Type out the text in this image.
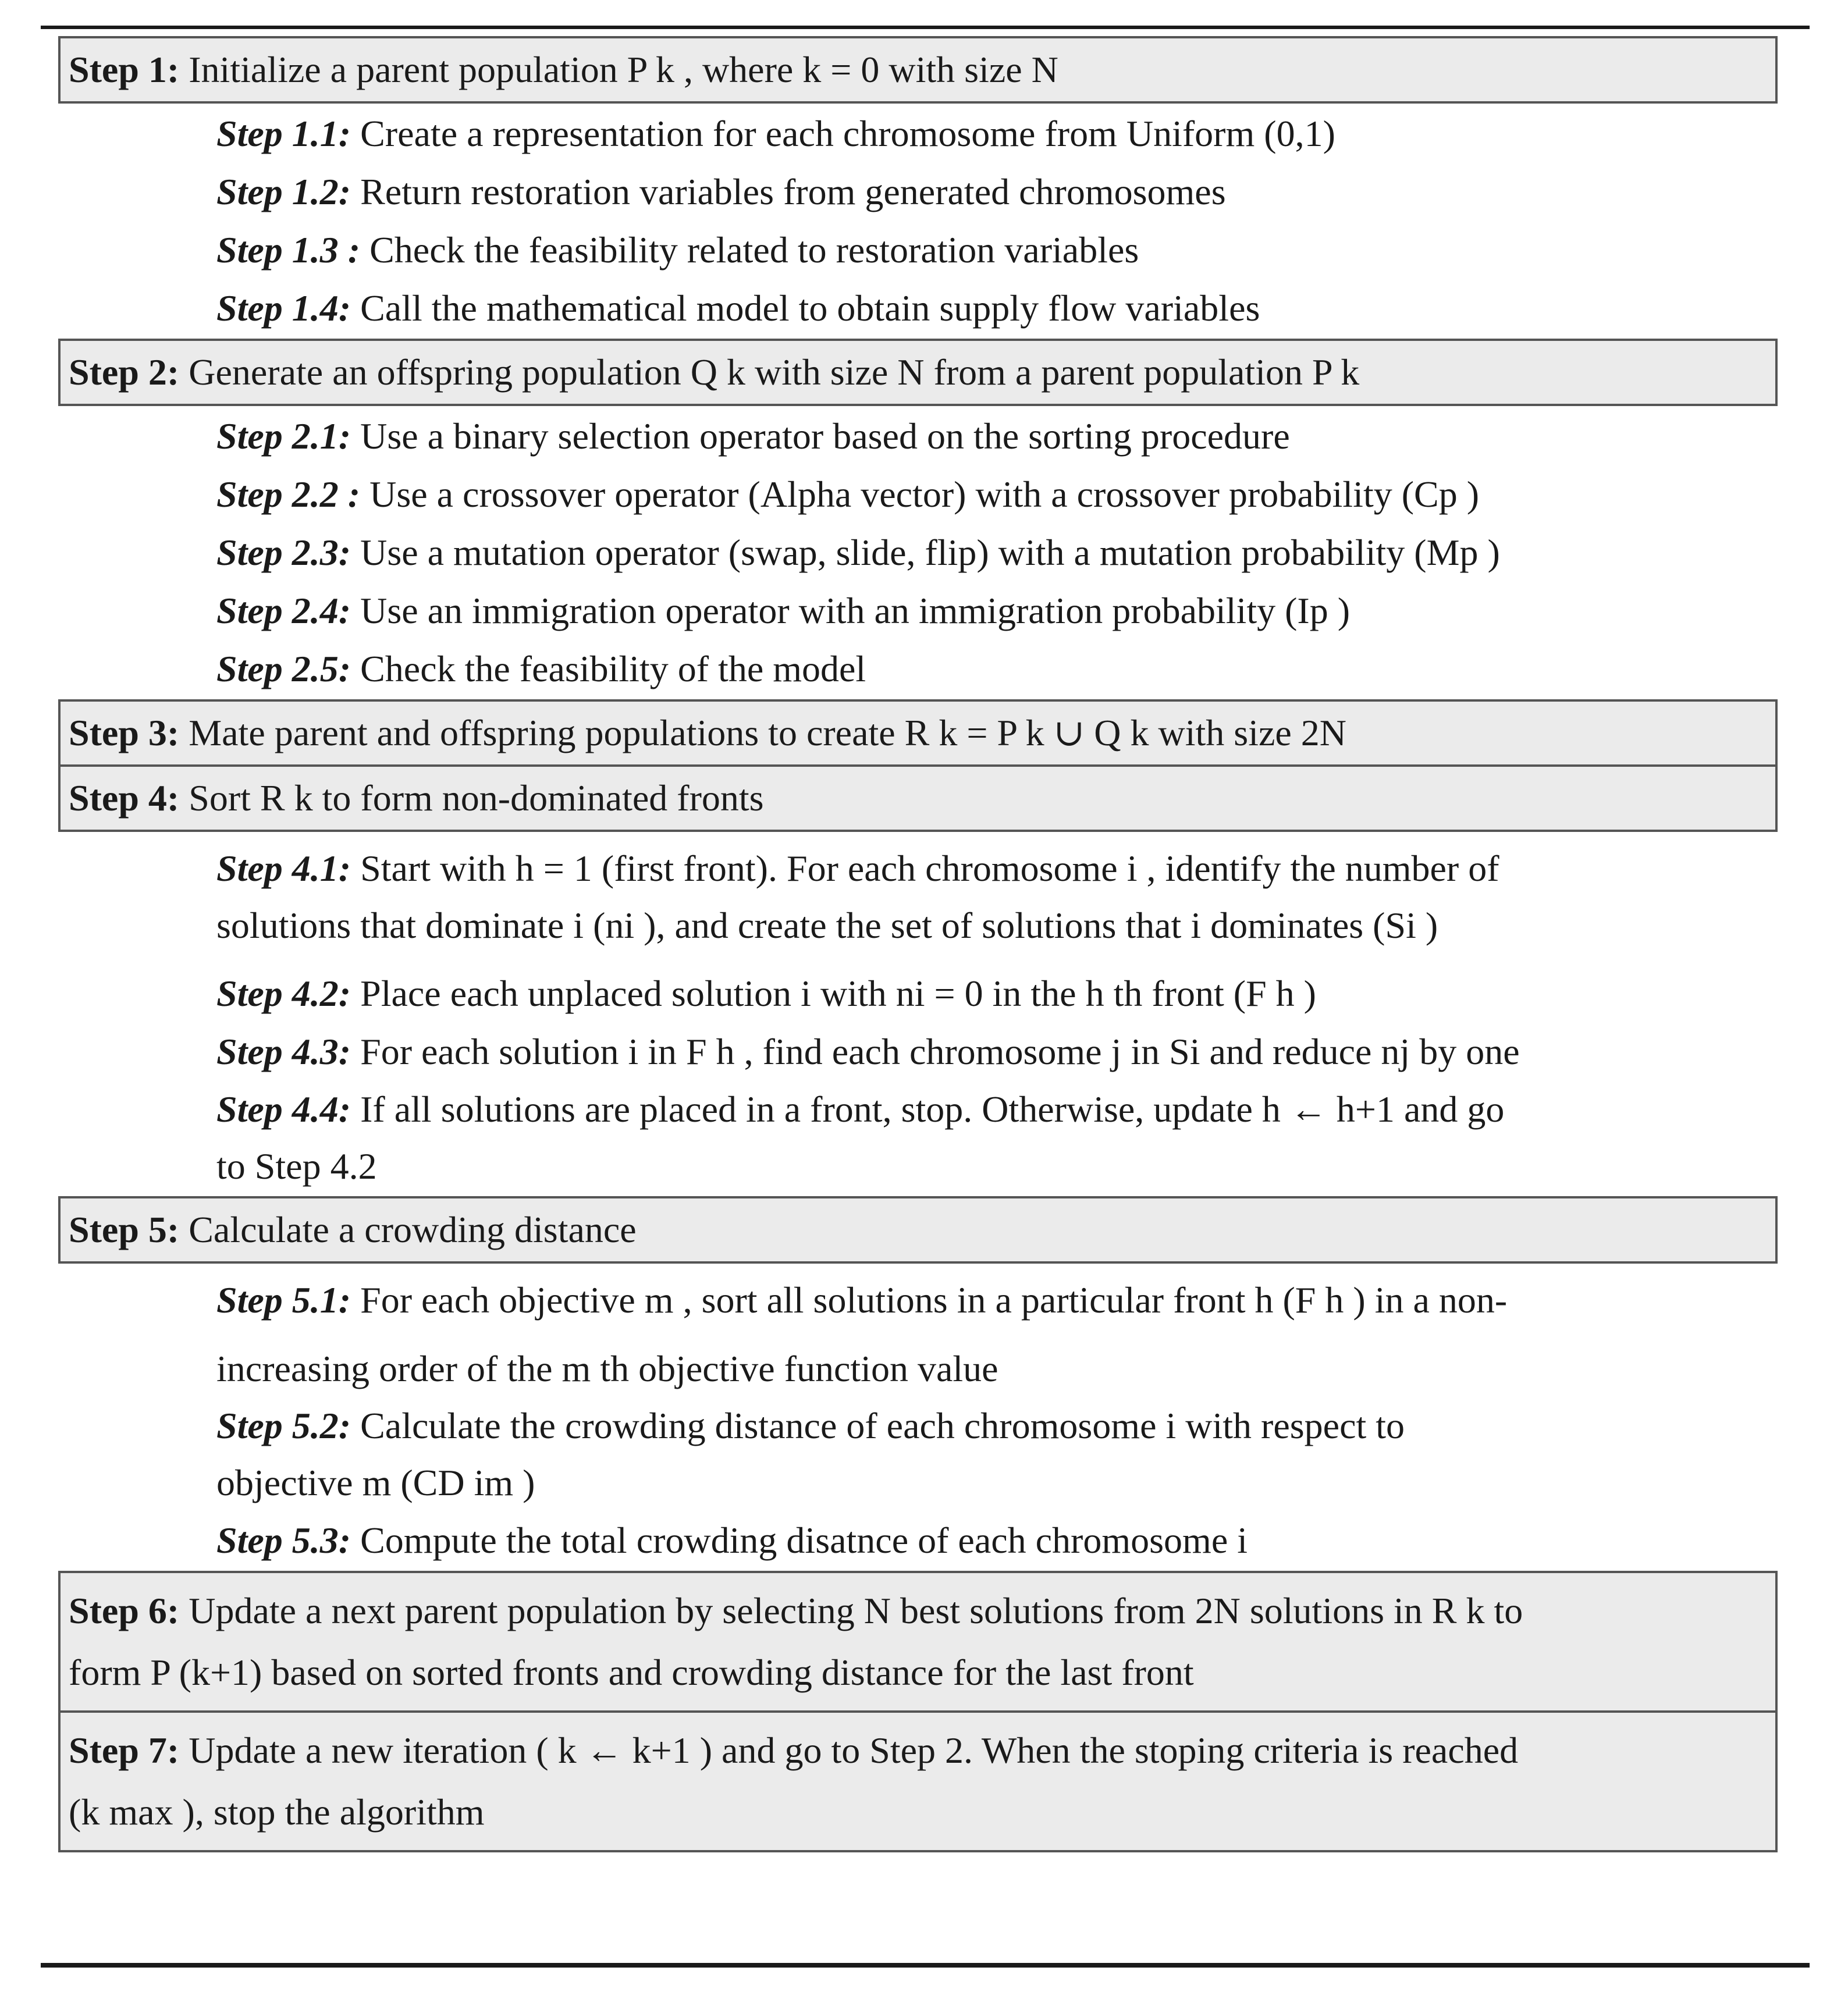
Step 1: Initialize a parent population P k , where k = 0 with size N
Step 1.1: Create a representation for each chromosome from Uniform (0,1)
Step 1.2: Return restoration variables from generated chromosomes
Step 1.3 : Check the feasibility related to restoration variables
Step 1.4: Call the mathematical model to obtain supply flow variables
Step 2: Generate an offspring population Q k with size N from a parent population P k
Step 2.1: Use a binary selection operator based on the sorting procedure
Step 2.2 : Use a crossover operator (Alpha vector) with a crossover probability (Cp )
Step 2.3: Use a mutation operator (swap, slide, flip) with a mutation probability (Mp )
Step 2.4: Use an immigration operator with an immigration probability (Ip )
Step 2.5: Check the feasibility of the model
Step 3: Mate parent and offspring populations to create R k = P k ∪ Q k with size 2N
Step 4: Sort R k to form non-dominated fronts
Step 4.1: Start with h = 1 (first front). For each chromosome i , identify the number of
solutions that dominate i (ni ), and create the set of solutions that i dominates (Si )
Step 4.2: Place each unplaced solution i with ni = 0 in the h th front (F h )
Step 4.3: For each solution i in F h , find each chromosome j in Si and reduce nj by one
Step 4.4: If all solutions are placed in a front, stop. Otherwise, update h ← h+1 and go
to Step 4.2
Step 5: Calculate a crowding distance
Step 5.1: For each objective m , sort all solutions in a particular front h (F h ) in a non-
increasing order of the m th objective function value
Step 5.2: Calculate the crowding distance of each chromosome i with respect to
objective m (CD im )
Step 5.3: Compute the total crowding disatnce of each chromosome i
Step 6: Update a next parent population by selecting N best solutions from 2N solutions in R k to
form P (k+1) based on sorted fronts and crowding distance for the last front
Step 7: Update a new iteration ( k ← k+1 ) and go to Step 2. When the stoping criteria is reached
(k max ), stop the algorithm
